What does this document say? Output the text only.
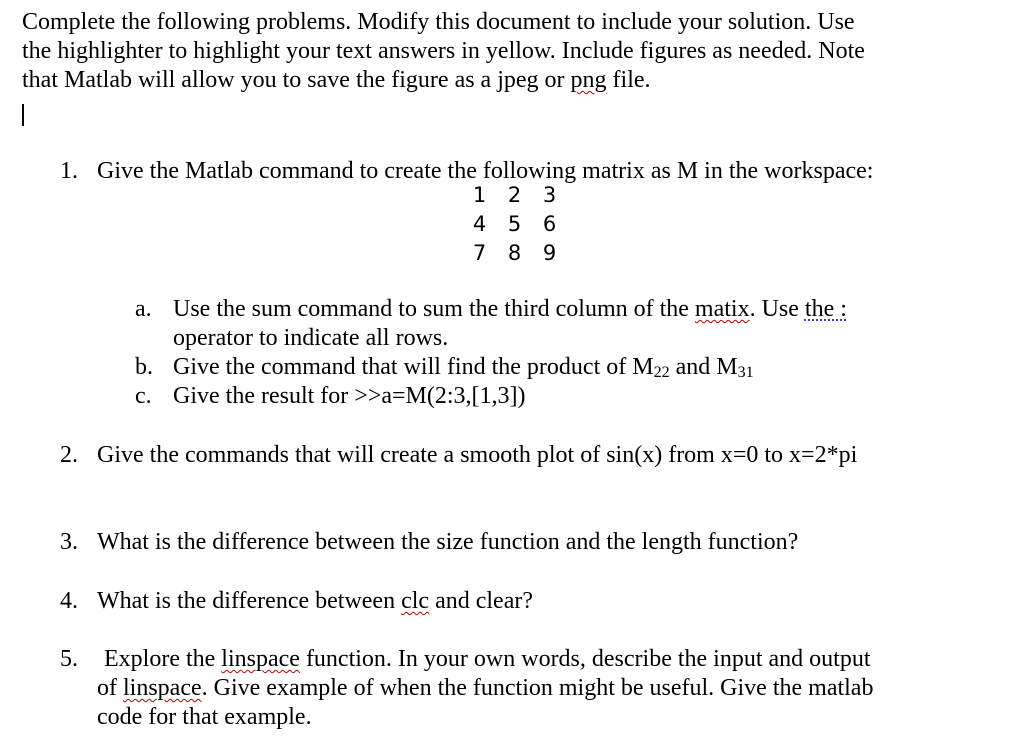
Complete the following problems. Modify this document to include your solution. Use
the highlighter to highlight your text answers in yellow. Include figures as needed. Note
that Matlab will allow you to save the figure as a jpeg or png file.
1. Give the Matlab command to create the following matrix as M in the workspace:
1	2	3
4	5	6
7	8	9
a. Use the sum command to sum the third column of the matix. Use the :
operator to indicate all rows.
b. Give the command that will find the product of $M_{22}$ and $M_{31}$
c. Give the result for >>a=M(2:3,[1,3])
2. Give the commands that will create a smooth plot of sin(x) from x=0 to x=2*pi
3. What is the difference between the size function and the length function?
4. What is the difference between clc and clear?
5. Explore the linspace function. In your own words, describe the input and output
of linspace. Give example of when the function might be useful. Give the matlab
code for that example.
